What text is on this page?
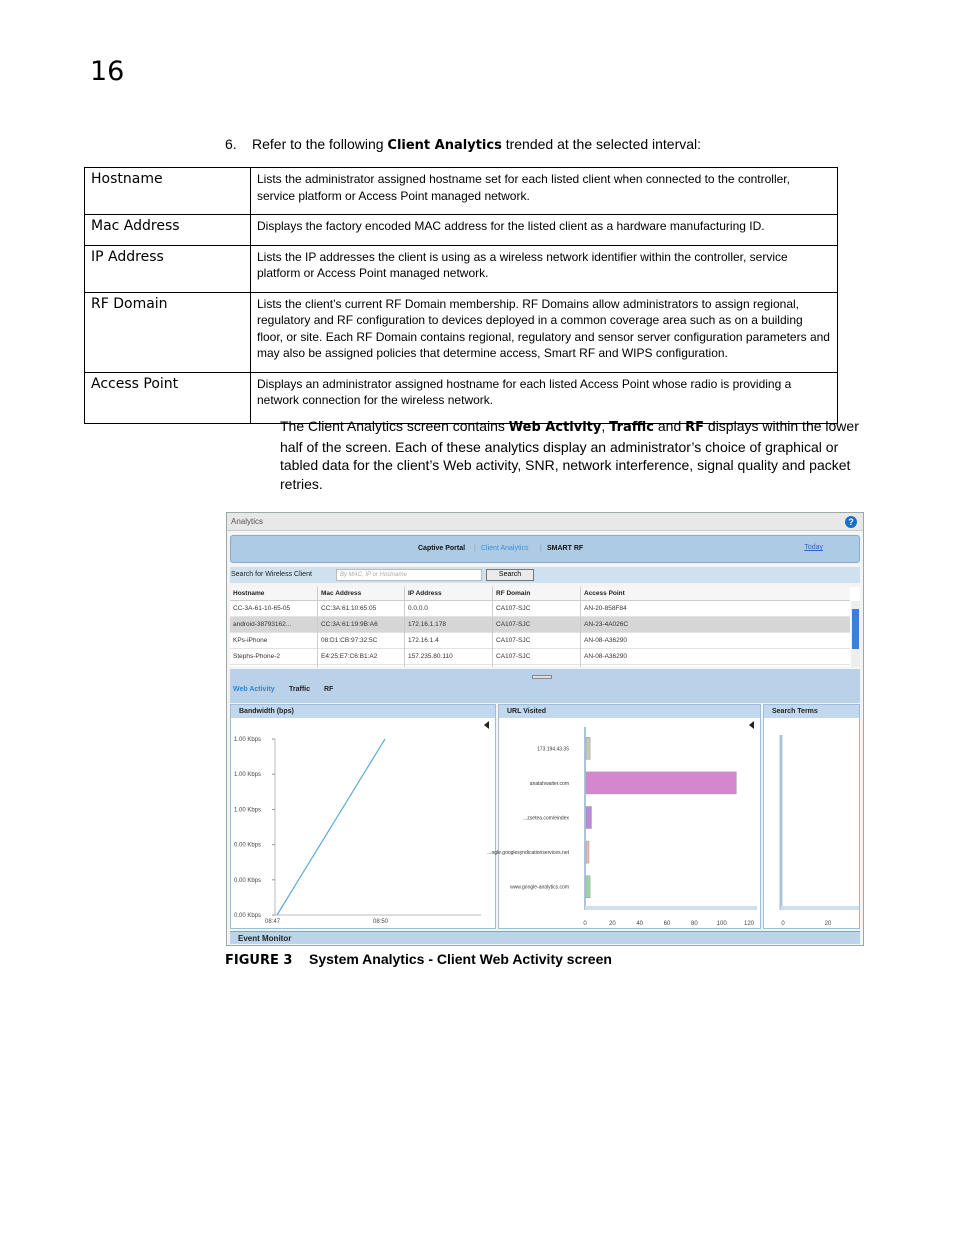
16
6. Refer to the following Client Analytics trended at the selected interval:
Hostname	Lists the administrator assigned hostname set for each listed client when connected to the controller, service platform or Access Point managed network.
Mac Address	Displays the factory encoded MAC address for the listed client as a hardware manufacturing ID.
IP Address	Lists the IP addresses the client is using as a wireless network identifier within the controller, service platform or Access Point managed network.
RF Domain	Lists the client’s current RF Domain membership. RF Domains allow administrators to assign regional, regulatory and RF configuration to devices deployed in a common coverage area such as on a building floor, or site. Each RF Domain contains regional, regulatory and sensor server configuration parameters and may also be assigned policies that determine access, Smart RF and WIPS configuration.
Access Point	Displays an administrator assigned hostname for each listed Access Point whose radio is providing a network connection for the wireless network.
The Client Analytics screen contains Web Activity, Traffic and RF displays within the lower half of the screen. Each of these analytics display an administrator’s choice of graphical or tabled data for the client’s Web activity, SNR, network interference, signal quality and packet retries.
Analytics	?
Captive Portal | Client Analytics | SMART RF	Today
Search for Wireless Client	By MAC, IP or Hostname	Search
Hostname	Mac Address	IP Address	RF Domain	Access Point
CC-3A-61-10-65-05	CC:3A:61:10:65:05	0.0.0.0	CA107-SJC	AN-20-858F84
android-38793162...	CC:3A:61:19:9B:A6	172.16.1.178	CA107-SJC	AN-23-4A026C
KPs-iPhone	08:D1:CB:97:32:5C	172.16.1.4	CA107-SJC	AN-08-A36290
Stephs-Phone-2	E4:25:E7:C6:B1:A2	157.235.80.110	CA107-SJC	AN-08-A36290
Web Activity Traffic RF
Bandwidth (bps)
1.00 Kbps
1.00 Kbps
1.00 Kbps
0.00 Kbps
0.00 Kbps
0.00 Kbps
08:47	08:50
URL Visited
173.194.43.35
anatahwaiter.com
...zsetea.com/eindex
...ogle.googlesyndicationservices.net
www.google-analytics.com
0	20	40	60	80	100	120
Search Terms
0	20
Event Monitor
FIGURE 3 System Analytics - Client Web Activity screen
